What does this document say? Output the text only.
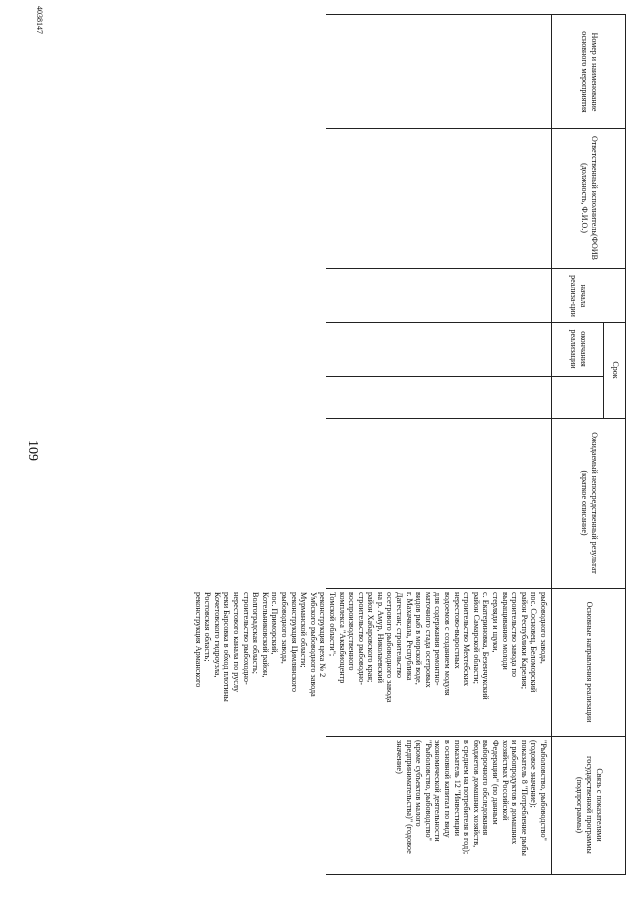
109
4038147
Номер и наименование основного мероприятия
Ответственный исполнитель(ФОИВ (должность, Ф.И.О.)
Срок
начала реализа-ции
окончания реализации
Ожидаемый непосредственный результат (краткое описание)
Основные направления реализации
Связь с показателями государственной программы (подпрограммы)
рыбоводного завода,
пос. Сосновец, Беломорский
район Республики Карелия;
строительство завода по
выращиванию молоди
стерляди и щуки,
с. Екатериновка, Безенчукский
район Самарской области;
строительство Мехтебских
нерестово-выростных
водоемов с созданием модуля
для содержания ремонтно-
маточного стада осетровых
видов рыб в морской воде,
г. Махачкала, Республика
Дагестан; строительство
осетрового рыбоводного завода
на р. Амур, Николаевский
район Хабаровского края;
строительство рыбоводно-
воспроизводственного
комплекса "Аквабиоцентр
Томской области";
реконструкция цеха № 2
Умбского рыбоводного завода
Мурманской области;
реконструкция Цимлянского
рыбоводного завода,
пос. Приморский,
Котельниковский район,
Волгоградская область;
строительство рыбоходно-
нерестового канала по руслу
реки Барсовка в обход плотины
Кочетовского гидроузла,
Ростовская область;
реконструкция Арманского
"Рыболовство, рыбоводство"
(годовое значение);
показатель 8 "Потребление рыбы
и рыбопродуктов в домашних
хозяйствах Российской
Федерации" (по данным
выборочного обследования
бюджетов домашних хозяйств,
в среднем на потребителя в год);
показатель 12 "Инвестиции
в основной капитал по виду
экономической деятельности
"Рыболовство, рыбоводство"
(кроме субъектов малого
предпринимательства)" (годовое
значение)
